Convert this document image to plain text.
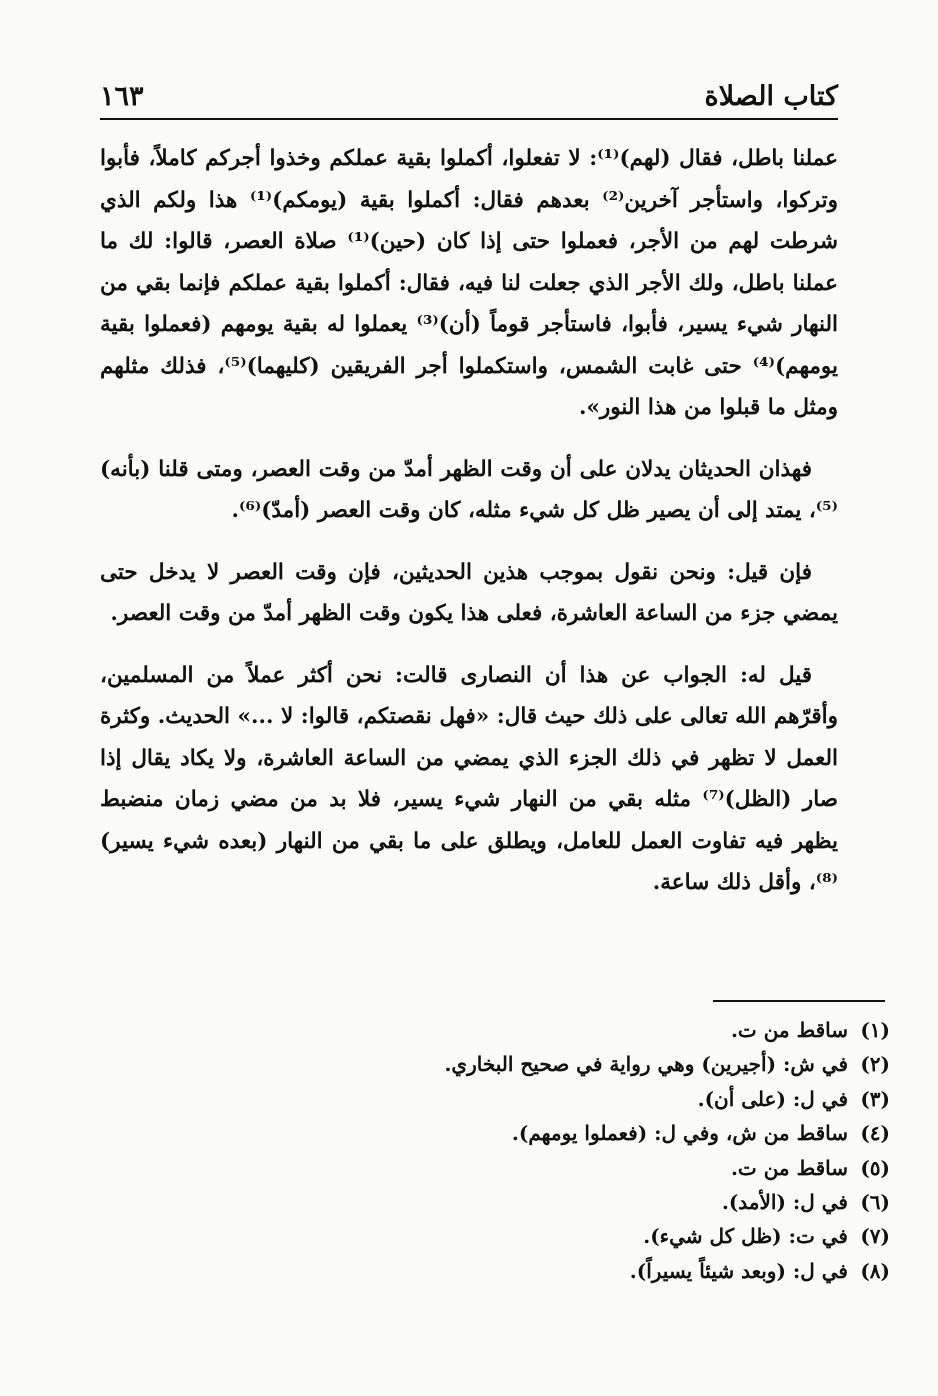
كتاب الصلاة
١٦٣

عملنا باطل، فقال (لهم)⁽¹⁾: لا تفعلوا، أكملوا بقية عملكم وخذوا أجركم كاملاً، فأبوا وتركوا، واستأجر آخرين⁽²⁾ بعدهم فقال: أكملوا بقية (يومكم)⁽¹⁾ هذا ولكم الذي شرطت لهم من الأجر، فعملوا حتى إذا كان (حين)⁽¹⁾ صلاة العصر، قالوا: لك ما عملنا باطل، ولك الأجر الذي جعلت لنا فيه، فقال: أكملوا بقية عملكم فإنما بقي من النهار شيء يسير، فأبوا، فاستأجر قوماً (أن)⁽³⁾ يعملوا له بقية يومهم (فعملوا بقية يومهم)⁽⁴⁾ حتى غابت الشمس، واستكملوا أجر الفريقين (كليهما)⁽⁵⁾، فذلك مثلهم ومثل ما قبلوا من هذا النور».

فهذان الحديثان يدلان على أن وقت الظهر أمدّ من وقت العصر، ومتى قلنا (بأنه)⁽⁵⁾، يمتد إلى أن يصير ظل كل شيء مثله، كان وقت العصر (أمدّ)⁽⁶⁾.

فإن قيل: ونحن نقول بموجب هذين الحديثين، فإن وقت العصر لا يدخل حتى يمضي جزء من الساعة العاشرة، فعلى هذا يكون وقت الظهر أمدّ من وقت العصر.

قيل له: الجواب عن هذا أن النصارى قالت: نحن أكثر عملاً من المسلمين، وأقرّهم الله تعالى على ذلك حيث قال: «فهل نقصتكم، قالوا: لا ...» الحديث. وكثرة العمل لا تظهر في ذلك الجزء الذي يمضي من الساعة العاشرة، ولا يكاد يقال إذا صار (الظل)⁽⁷⁾ مثله بقي من النهار شيء يسير، فلا بد من مضي زمان منضبط يظهر فيه تفاوت العمل للعامل، ويطلق على ما بقي من النهار (بعده شيء يسير)⁽⁸⁾، وأقل ذلك ساعة.

(١)
ساقط من ت.
(٢)
في ش: (أجيرين) وهي رواية في صحيح البخاري.
(٣)
في ل: (على أن).
(٤)
ساقط من ش، وفي ل: (فعملوا يومهم).
(٥)
ساقط من ت.
(٦)
في ل: (الأمد).
(٧)
في ت: (ظل كل شيء).
(٨)
في ل: (وبعد شيئاً يسيراً).
